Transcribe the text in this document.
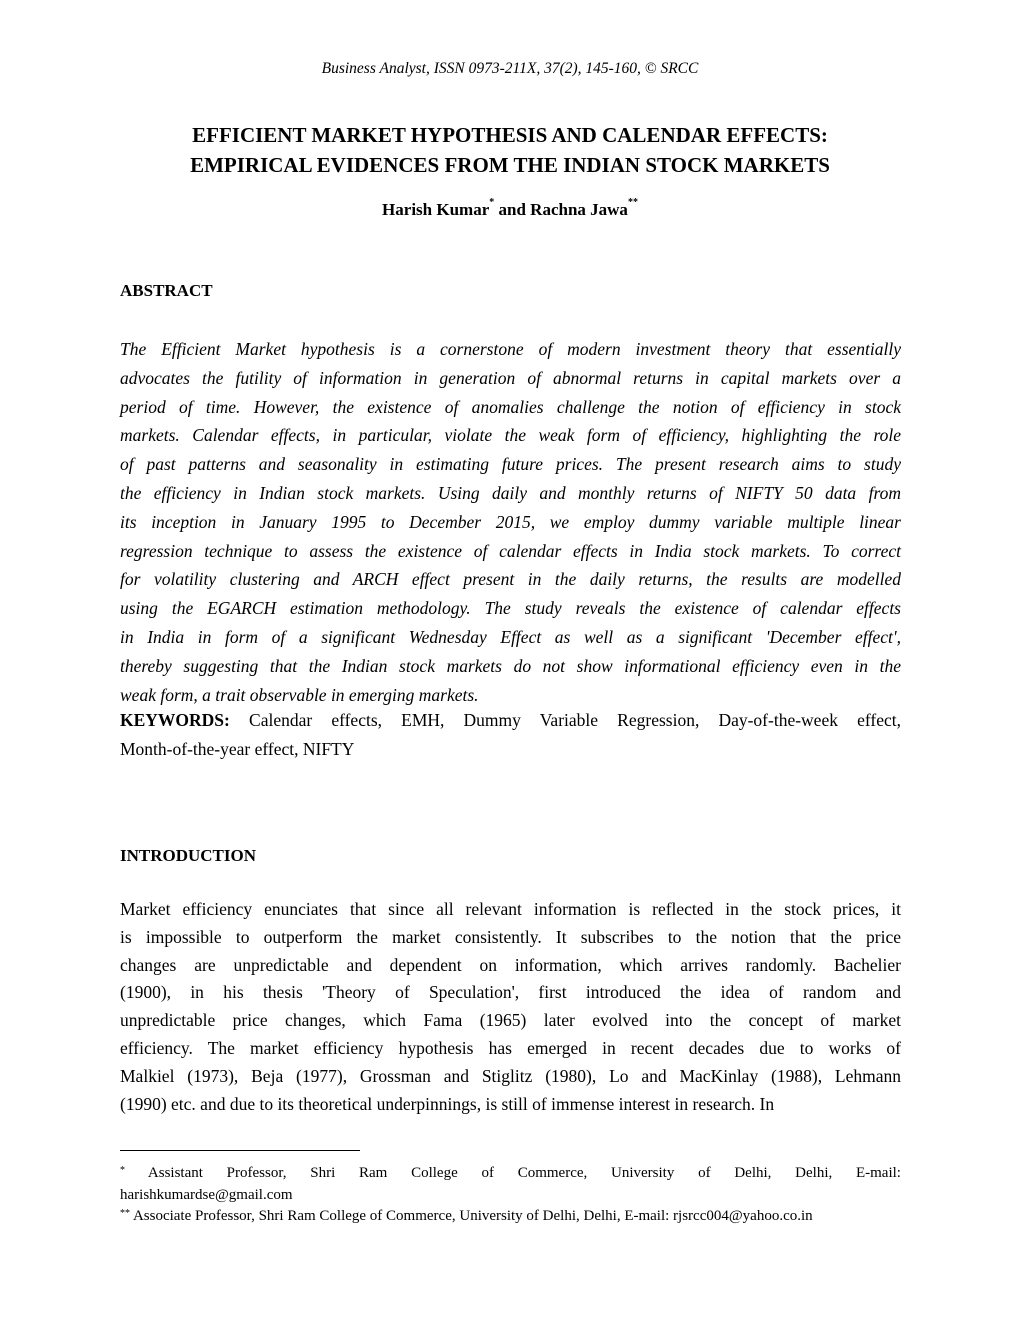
Business Analyst, ISSN 0973-211X, 37(2), 145-160, © SRCC
EFFICIENT MARKET HYPOTHESIS AND CALENDAR EFFECTS:
EMPIRICAL EVIDENCES FROM THE INDIAN STOCK MARKETS
Harish Kumar* and Rachna Jawa**
ABSTRACT
The Efficient Market hypothesis is a cornerstone of modern investment theory that essentially
advocates the futility of information in generation of abnormal returns in capital markets over a
period of time. However, the existence of anomalies challenge the notion of efficiency in stock
markets. Calendar effects, in particular, violate the weak form of efficiency, highlighting the role
of past patterns and seasonality in estimating future prices. The present research aims to study
the efficiency in Indian stock markets. Using daily and monthly returns of NIFTY 50 data from
its inception in January 1995 to December 2015, we employ dummy variable multiple linear
regression technique to assess the existence of calendar effects in India stock markets. To correct
for volatility clustering and ARCH effect present in the daily returns, the results are modelled
using the EGARCH estimation methodology. The study reveals the existence of calendar effects
in India in form of a significant Wednesday Effect as well as a significant 'December effect',
thereby suggesting that the Indian stock markets do not show informational efficiency even in the
weak form, a trait observable in emerging markets.
KEYWORDS: Calendar effects, EMH, Dummy Variable Regression, Day-of-the-week effect,
Month-of-the-year effect, NIFTY
INTRODUCTION
Market efficiency enunciates that since all relevant information is reflected in the stock prices, it
is impossible to outperform the market consistently. It subscribes to the notion that the price
changes are unpredictable and dependent on information, which arrives randomly. Bachelier
(1900), in his thesis 'Theory of Speculation', first introduced the idea of random and
unpredictable price changes, which Fama (1965) later evolved into the concept of market
efficiency. The market efficiency hypothesis has emerged in recent decades due to works of
Malkiel (1973), Beja (1977), Grossman and Stiglitz (1980), Lo and MacKinlay (1988), Lehmann
(1990) etc. and due to its theoretical underpinnings, is still of immense interest in research. In
* Assistant Professor, Shri Ram College of Commerce, University of Delhi, Delhi, E-mail:
harishkumardse@gmail.com
** Associate Professor, Shri Ram College of Commerce, University of Delhi, Delhi, E-mail: rjsrcc004@yahoo.co.in
